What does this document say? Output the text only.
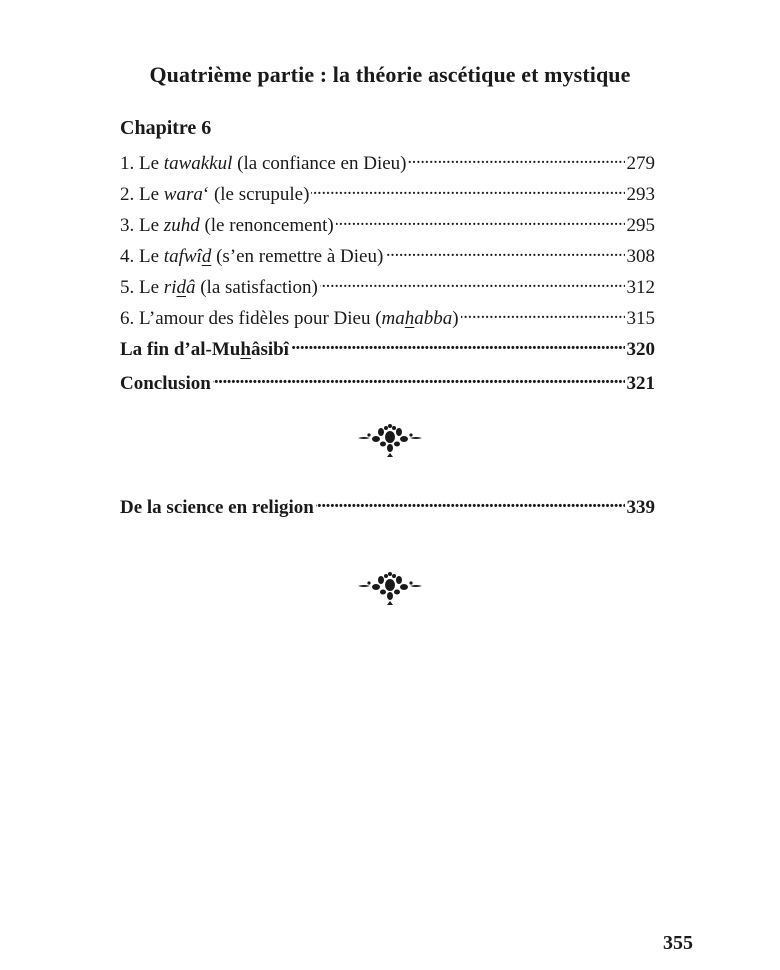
Quatrième partie : la théorie ascétique et mystique
Chapitre 6
1. Le tawakkul (la confiance en Dieu) . . .	279
2. Le wara‘ (le scrupule) . . .	293
3. Le zuhd (le renoncement) . . .	295
4. Le tafwîd (s’en remettre à Dieu) . . .	308
5. Le ridâ (la satisfaction) . . .	312
6. L’amour des fidèles pour Dieu (mahabba) . . .	315
La fin d’al-Muhâsibî . . .	320
Conclusion . . .	321
De la science en religion . . .	339
355
